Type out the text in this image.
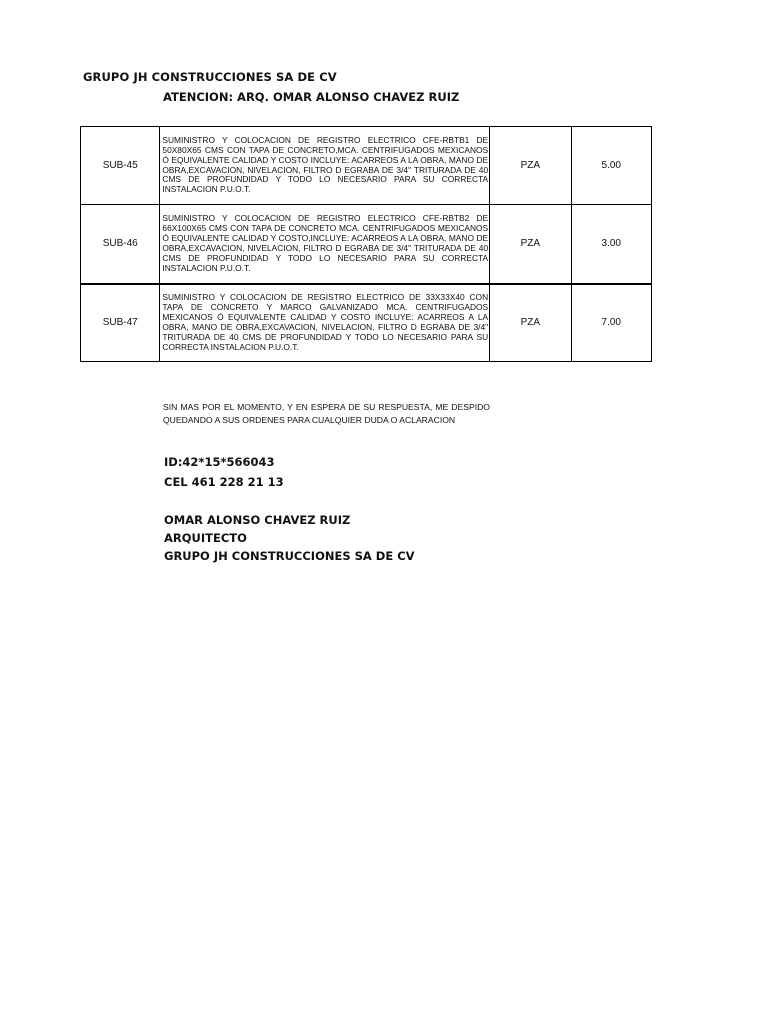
GRUPO JH CONSTRUCCIONES SA DE CV
ATENCION: ARQ. OMAR ALONSO CHAVEZ RUIZ
SUB-45	SUMINISTRO Y COLOCACION DE REGISTRO ELECTRICO CFE-RBTB1 DE 50X80X65 CMS CON TAPA DE CONCRETO,MCA. CENTRIFUGADOS MEXICANOS Ó EQUIVALENTE CALIDAD Y COSTO INCLUYE: ACARREOS A LA OBRA, MANO DE OBRA,EXCAVACION, NIVELACION, FILTRO D EGRABA DE 3/4" TRITURADA DE 40 CMS DE PROFUNDIDAD Y TODO LO NECESARIO PARA SU CORRECTA INSTALACION P.U.O.T.	PZA	5.00
SUB-46	SUMINISTRO Y COLOCACION DE REGISTRO ELECTRICO CFE-RBTB2 DE 66X100X65 CMS CON TAPA DE CONCRETO MCA. CENTRIFUGADOS MEXICANOS Ó EQUIVALENTE CALIDAD Y COSTO,INCLUYE: ACARREOS A LA OBRA, MANO DE OBRA,EXCAVACION, NIVELACION, FILTRO D EGRABA DE 3/4" TRITURADA DE 40 CMS DE PROFUNDIDAD Y TODO LO NECESARIO PARA SU CORRECTA INSTALACION P.U.O.T.	PZA	3.00
SUB-47	SUMINISTRO Y COLOCACION DE REGISTRO ELECTRICO DE 33X33X40 CON TAPA DE CONCRETO Y MARCO GALVANIZADO MCA. CENTRIFUGADOS MEXICANOS Ó EQUIVALENTE CALIDAD Y COSTO INCLUYE: ACARREOS A LA OBRA, MANO DE OBRA,EXCAVACION, NIVELACION, FILTRO D EGRABA DE 3/4" TRITURADA DE 40 CMS DE PROFUNDIDAD Y TODO LO NECESARIO PARA SU CORRECTA INSTALACION P.U.O.T.	PZA	7.00
SIN MAS POR EL MOMENTO, Y EN ESPERA DE SU RESPUESTA, ME DESPIDO QUEDANDO A SUS ORDENES PARA CUALQUIER DUDA O ACLARACION
ID:42*15*566043
CEL 461 228 21 13
OMAR ALONSO CHAVEZ RUIZ
ARQUITECTO
GRUPO JH CONSTRUCCIONES SA DE CV
